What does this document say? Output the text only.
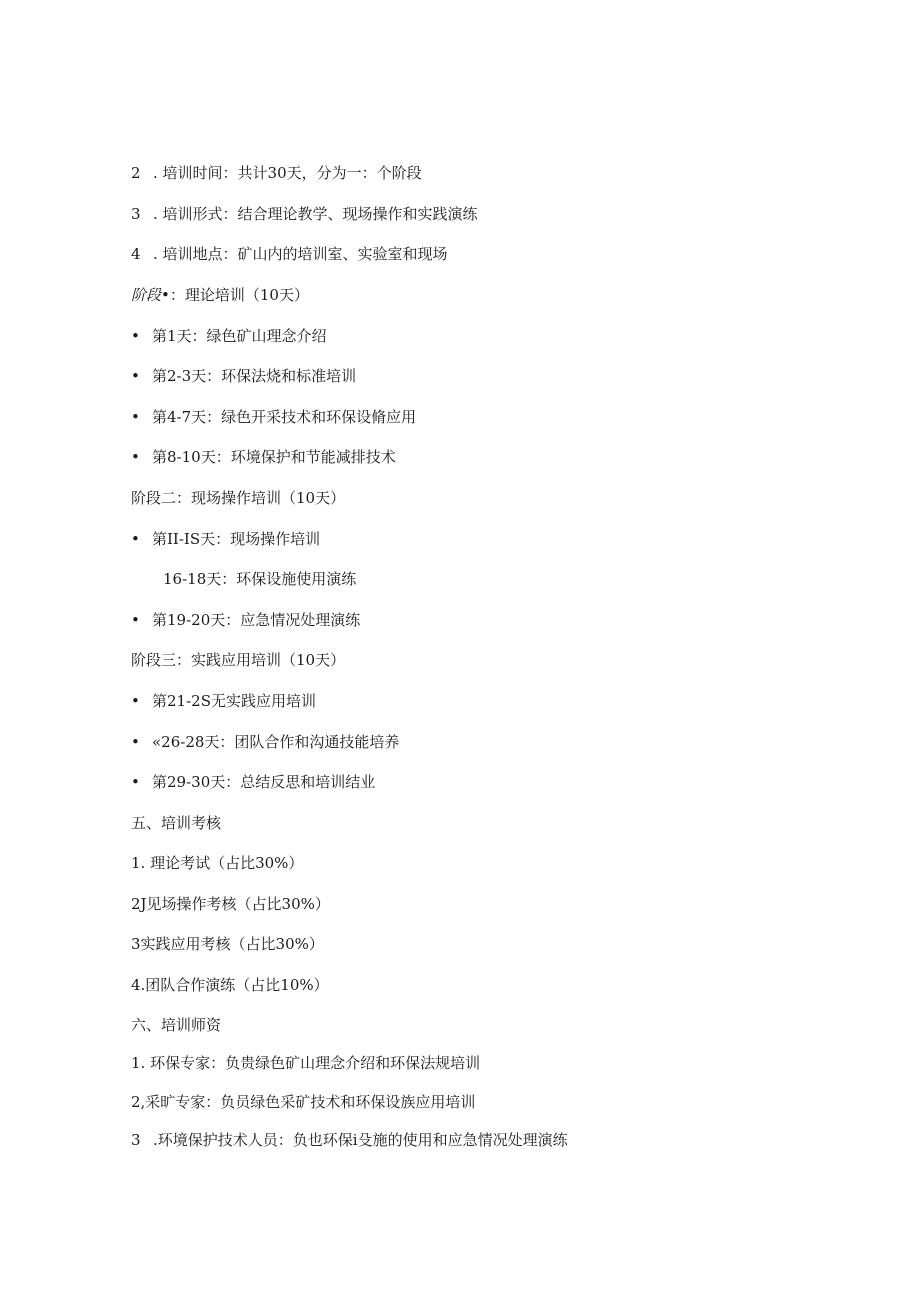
2 . 培训时间：共计30天，分为一：个阶段
3 . 培训形式：结合理论教学、现场操作和实践演练
4 . 培训地点：矿山内的培训室、实验室和现场
阶段•：理论培训（10天）
• 第1天：绿色矿山理念介绍
• 第2-3天：环保法烧和标准培训
• 第4-7天：绿色开采技术和环保设脩应用
• 第8-10天：环境保护和节能减排技术
阶段二：现场操作培训（10天）
• 第II-IS天：现场操作培训
16-18天：环保设施使用演练
• 第19-20天：应急情况处理演练
阶段三：实践应用培训（10天）
• 第21-2S无实践应用培训
• «26-28天：团队合作和沟通技能培养
• 第29-30天：总结反思和培训结业
五、培训考核
1. 理论考试（占比30%）
2J见场操作考核（占比30%）
3实践应用考核（占比30%）
4.团队合作演练（占比10%）
六、培训师资
1. 环保专家：负贵绿色矿山理念介绍和环保法规培训
2,采旷专家：负员绿色采矿技术和环保设族应用培训
3 .环境保护技术人员：负也环保i殳施的使用和应急情况处理演练
